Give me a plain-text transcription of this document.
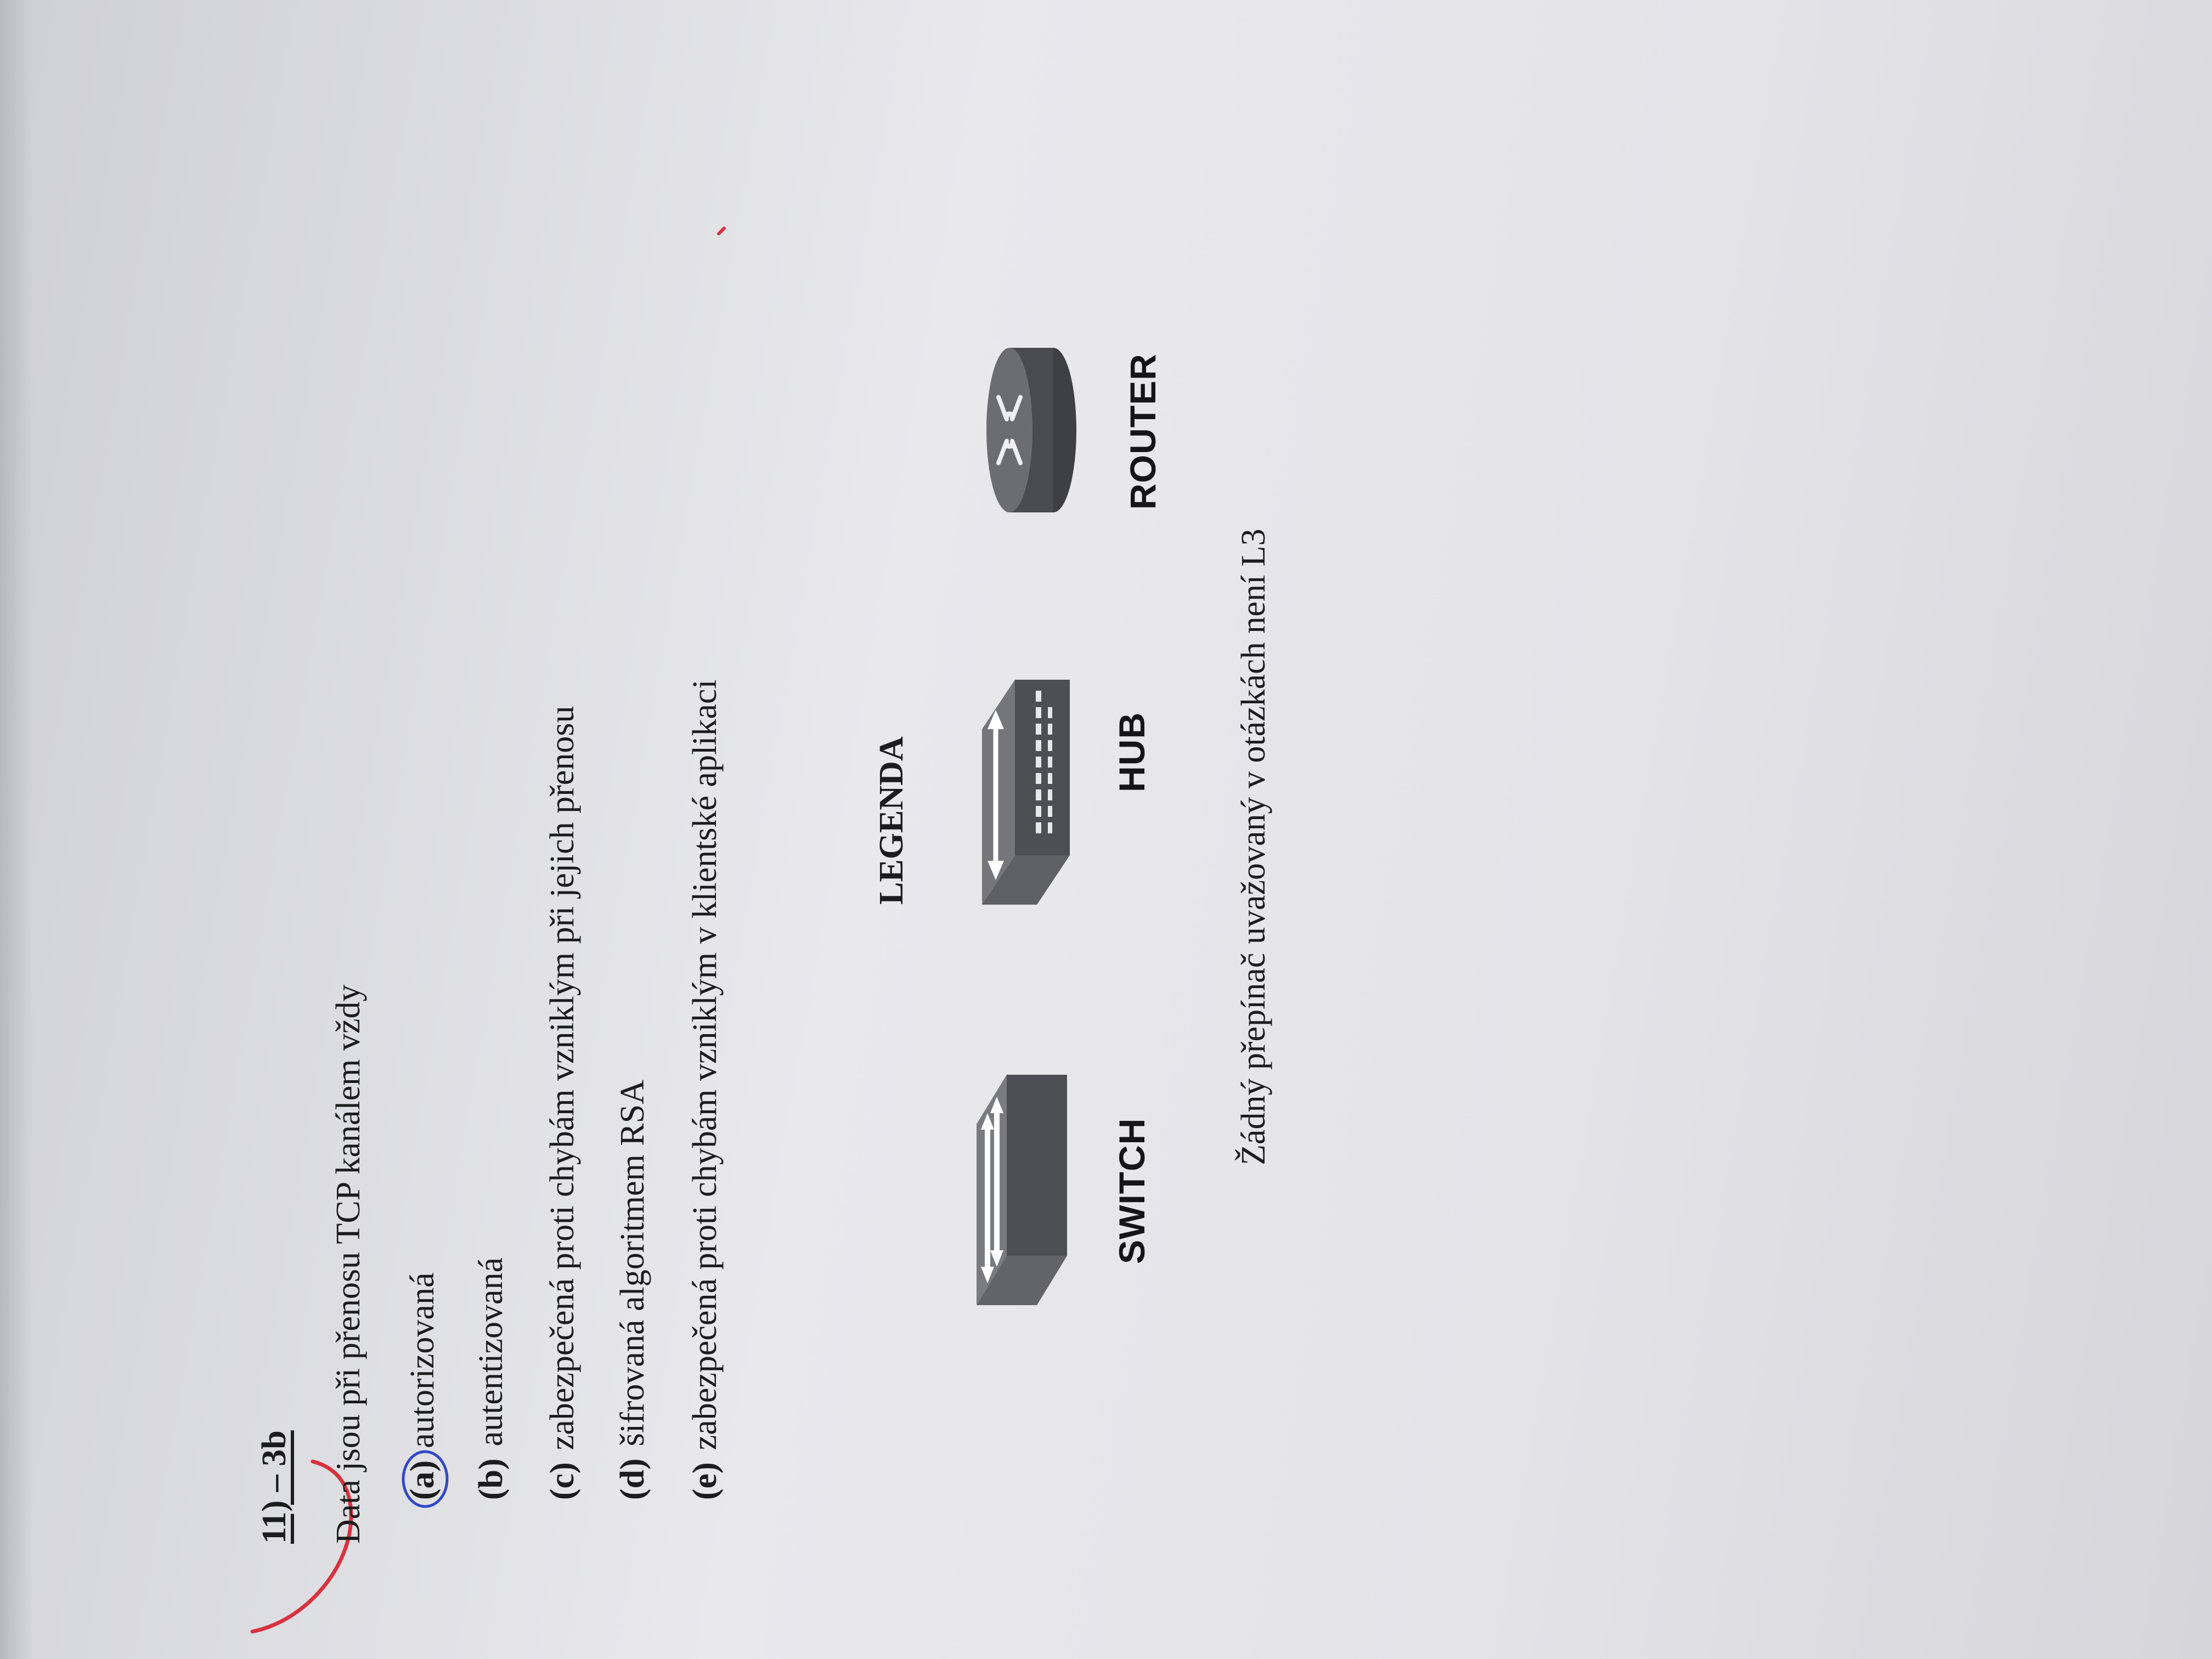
11) – 3b Data jsou při přenosu TCP kanálem vždy (a)autorizovaná
(b)autentizovaná
(c)zabezpečená proti chybám vzniklým při jejich přenosu
(d)šifrovaná algoritmem RSA
(e)zabezpečená proti chybám vzniklým v klientské aplikaci	LEGENDA
SWITCH
HUB
ROUTER
Žádný přepínač uvažovaný v otázkách není L3
